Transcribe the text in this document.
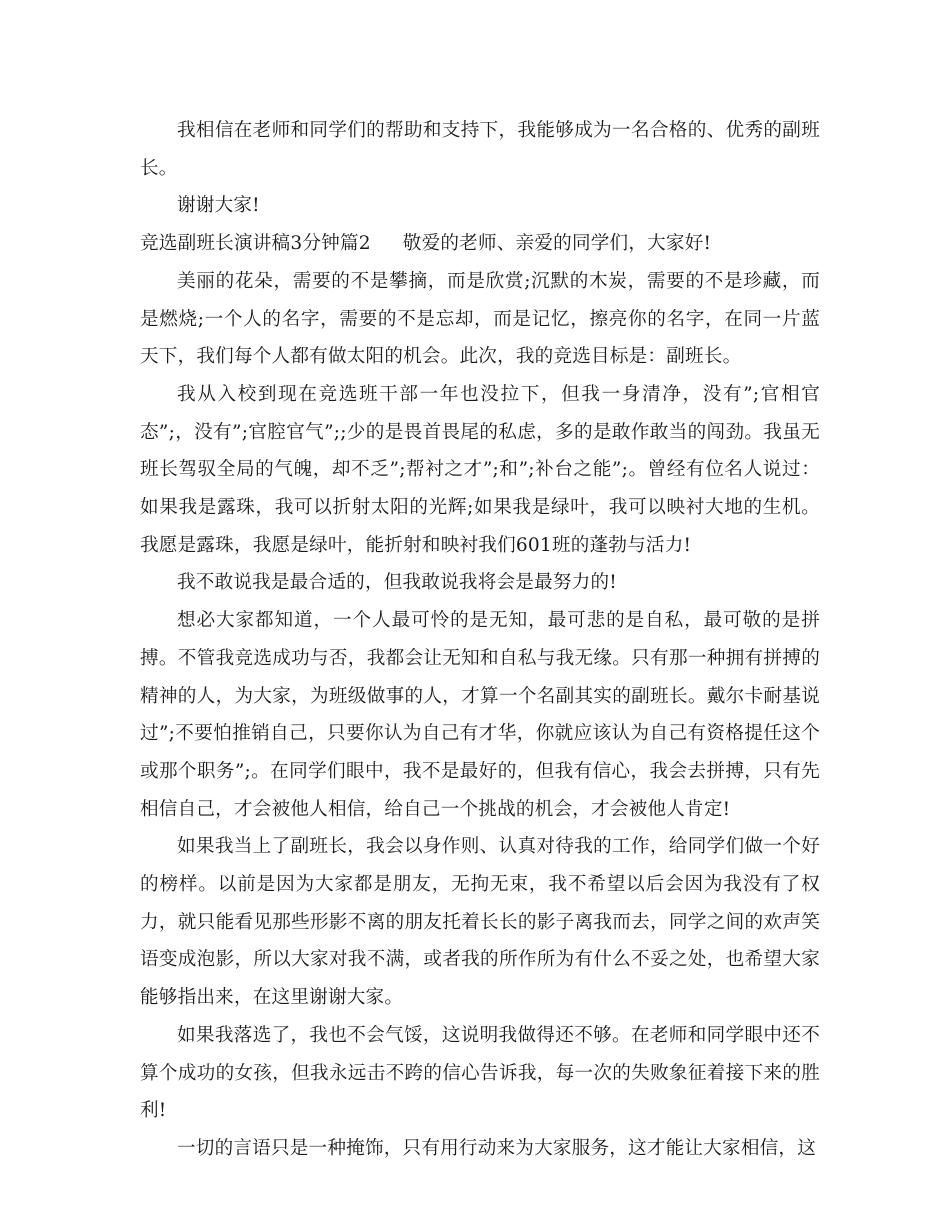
我相信在老师和同学们的帮助和支持下，我能够成为一名合格的、优秀的副班长。

谢谢大家!

竞选副班长演讲稿3分钟篇2 敬爱的老师、亲爱的同学们，大家好!

美丽的花朵，需要的不是攀摘，而是欣赏;沉默的木炭，需要的不是珍藏，而是燃烧;一个人的名字，需要的不是忘却，而是记忆，擦亮你的名字，在同一片蓝天下，我们每个人都有做太阳的机会。此次，我的竞选目标是：副班长。

我从入校到现在竞选班干部一年也没拉下，但我一身清净，没有”;官相官态”;，没有”;官腔官气”;;少的是畏首畏尾的私虑，多的是敢作敢当的闯劲。我虽无班长驾驭全局的气魄，却不乏”;帮衬之才”;和”;补台之能”;。曾经有位名人说过：如果我是露珠，我可以折射太阳的光辉;如果我是绿叶，我可以映衬大地的生机。我愿是露珠，我愿是绿叶，能折射和映衬我们601班的蓬勃与活力!

我不敢说我是最合适的，但我敢说我将会是最努力的!

想必大家都知道，一个人最可怜的是无知，最可悲的是自私，最可敬的是拼搏。不管我竞选成功与否，我都会让无知和自私与我无缘。只有那一种拥有拼搏的精神的人，为大家，为班级做事的人，才算一个名副其实的副班长。戴尔卡耐基说过”;不要怕推销自己，只要你认为自己有才华，你就应该认为自己有资格提任这个或那个职务”;。在同学们眼中，我不是最好的，但我有信心，我会去拼搏，只有先相信自己，才会被他人相信，给自己一个挑战的机会，才会被他人肯定!

如果我当上了副班长，我会以身作则、认真对待我的工作，给同学们做一个好的榜样。以前是因为大家都是朋友，无拘无束，我不希望以后会因为我没有了权力，就只能看见那些形影不离的朋友托着长长的影子离我而去，同学之间的欢声笑语变成泡影，所以大家对我不满，或者我的所作所为有什么不妥之处，也希望大家能够指出来，在这里谢谢大家。

如果我落选了，我也不会气馁，这说明我做得还不够。在老师和同学眼中还不算个成功的女孩，但我永远击不跨的信心告诉我，每一次的失败象征着接下来的胜利!

一切的言语只是一种掩饰，只有用行动来为大家服务，这才能让大家相信，这
